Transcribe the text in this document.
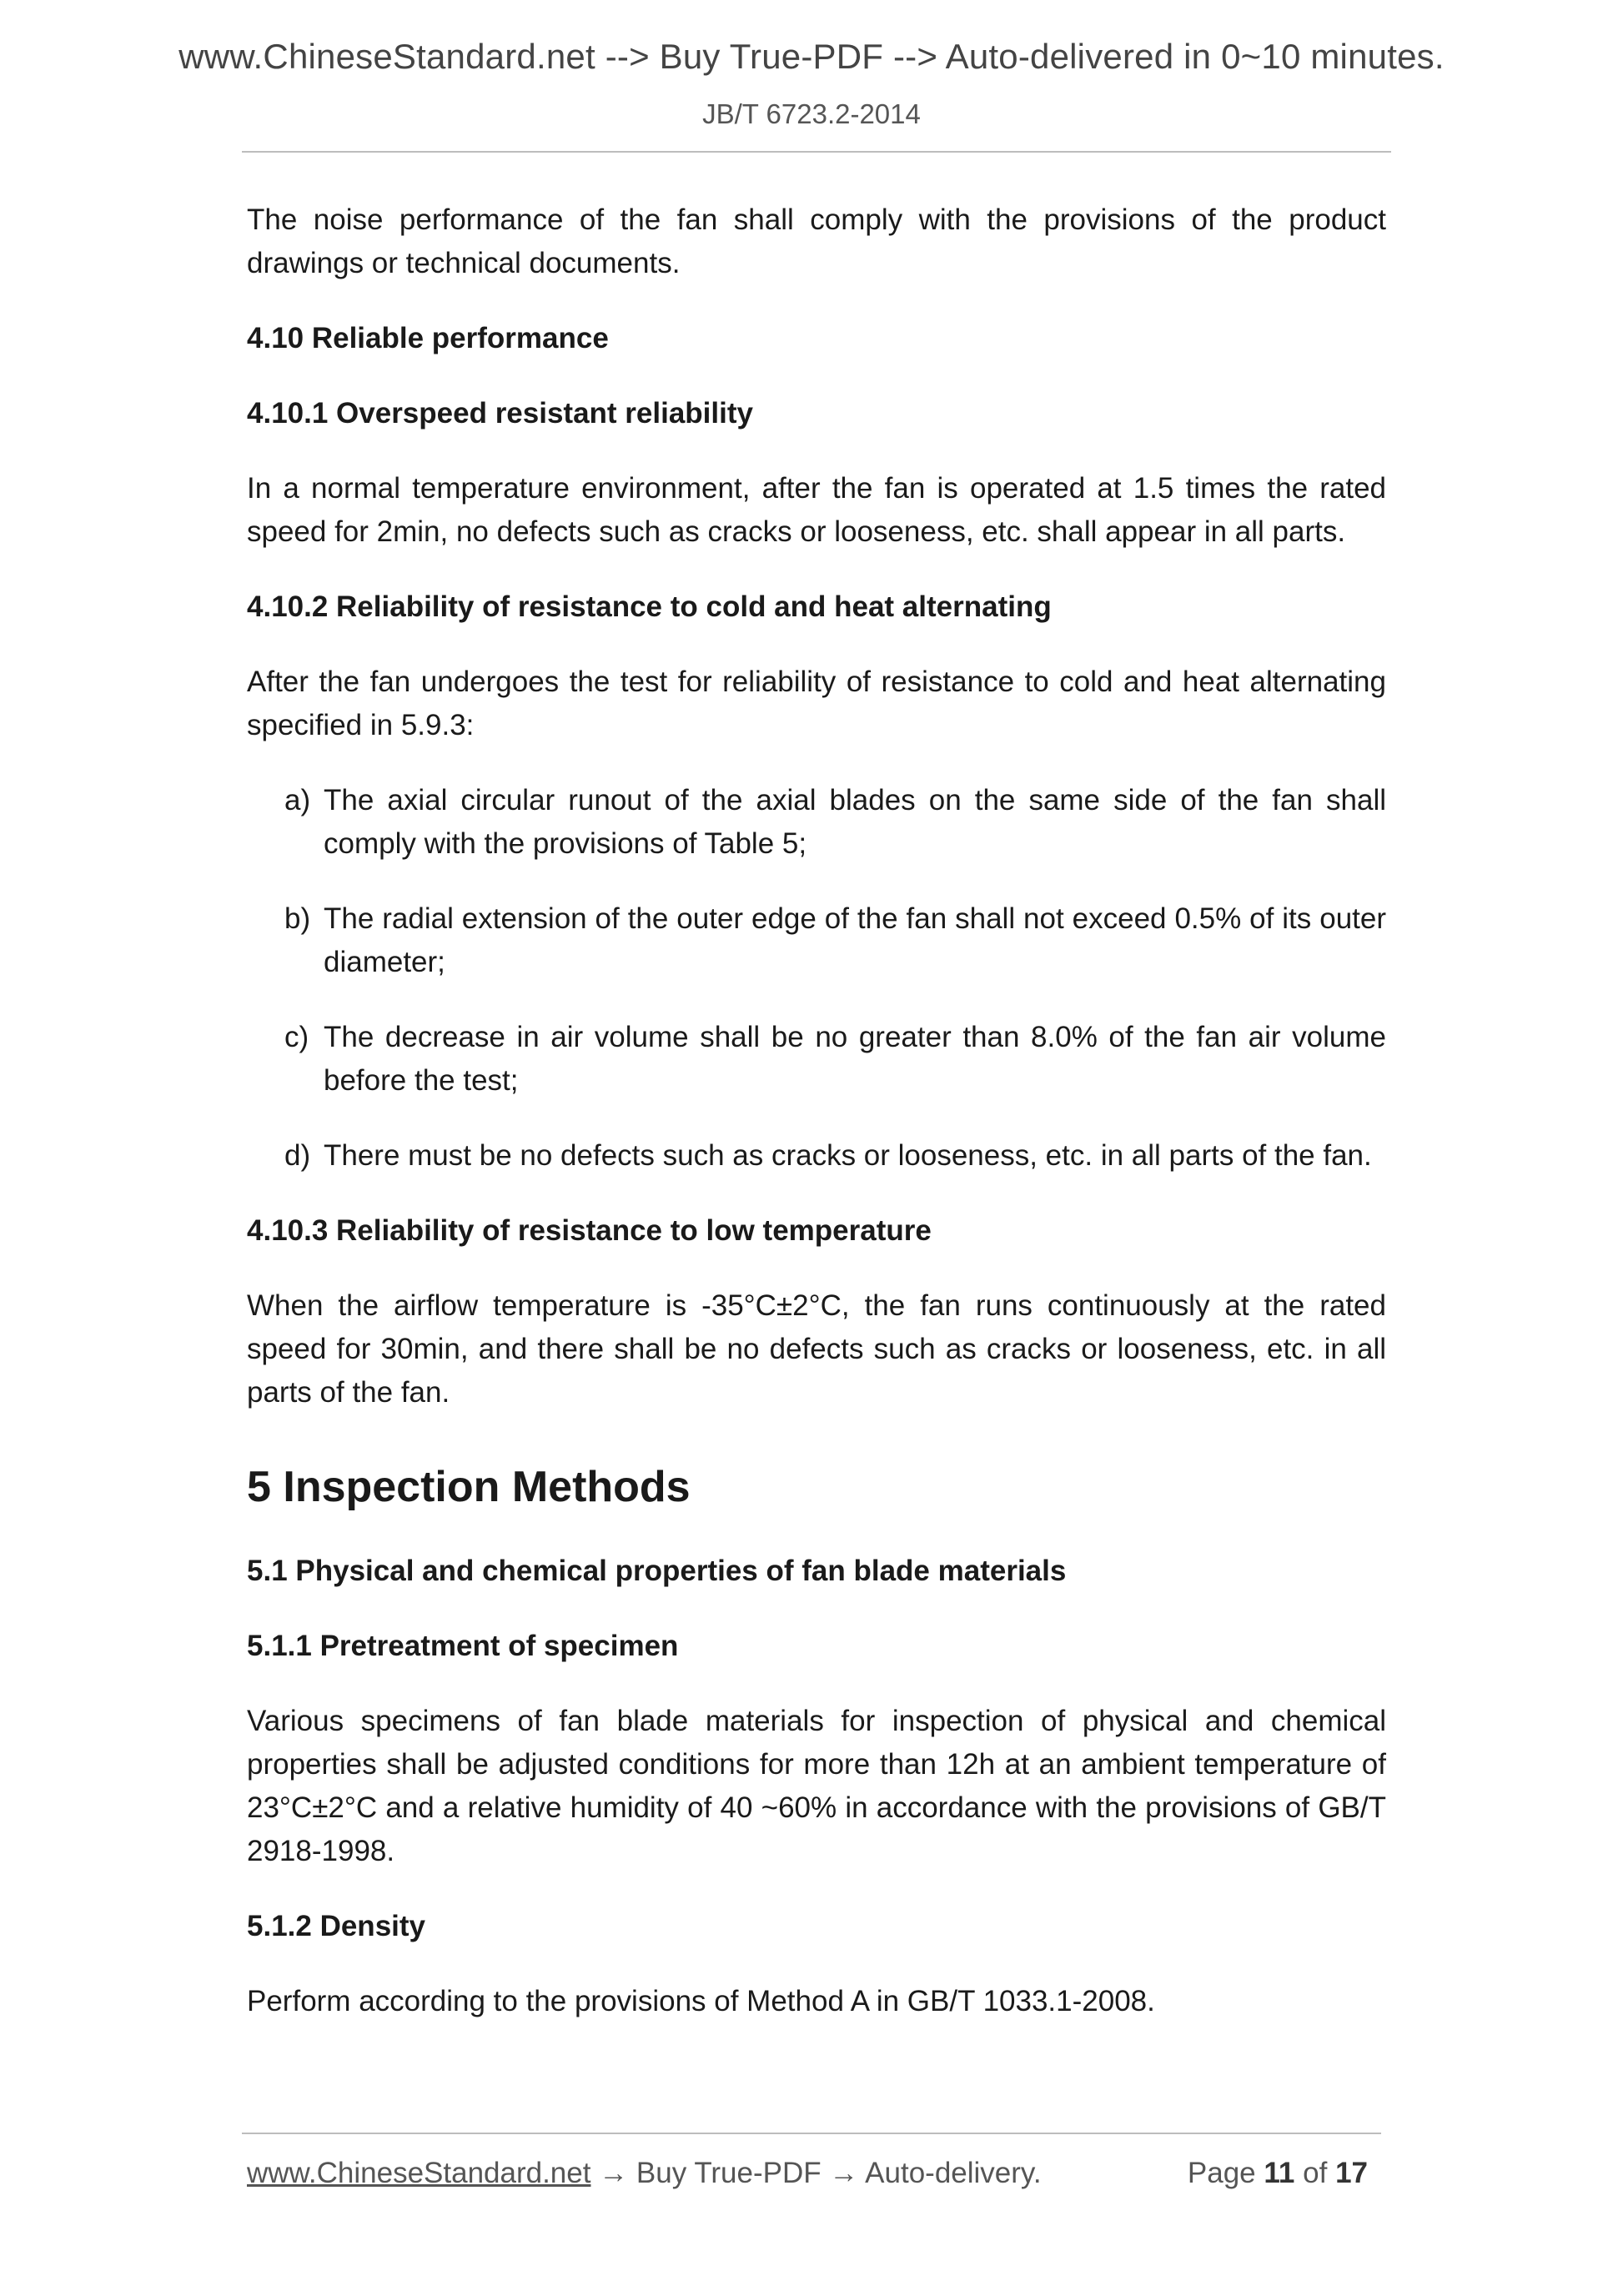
www.ChineseStandard.net --> Buy True-PDF --> Auto-delivered in 0~10 minutes.
JB/T 6723.2-2014

The noise performance of the fan shall comply with the provisions of the product drawings or technical documents.

4.10 Reliable performance
4.10.1 Overspeed resistant reliability

In a normal temperature environment, after the fan is operated at 1.5 times the rated speed for 2min, no defects such as cracks or looseness, etc. shall appear in all parts.

4.10.2 Reliability of resistance to cold and heat alternating

After the fan undergoes the test for reliability of resistance to cold and heat alternating specified in 5.9.3:

a) The axial circular runout of the axial blades on the same side of the fan shall comply with the provisions of Table 5;
b) The radial extension of the outer edge of the fan shall not exceed 0.5% of its outer diameter;
c) The decrease in air volume shall be no greater than 8.0% of the fan air volume before the test;
d) There must be no defects such as cracks or looseness, etc. in all parts of the fan.
4.10.3 Reliability of resistance to low temperature

When the airflow temperature is -35°C±2°C, the fan runs continuously at the rated speed for 30min, and there shall be no defects such as cracks or looseness, etc. in all parts of the fan.

5 Inspection Methods
5.1 Physical and chemical properties of fan blade materials
5.1.1 Pretreatment of specimen

Various specimens of fan blade materials for inspection of physical and chemical properties shall be adjusted conditions for more than 12h at an ambient temperature of 23°C±2°C and a relative humidity of 40 ~60% in accordance with the provisions of GB/T 2918-1998.

5.1.2 Density

Perform according to the provisions of Method A in GB/T 1033.1-2008.

www.ChineseStandard.net → Buy True-PDF → Auto-delivery.	Page 11 of 17
